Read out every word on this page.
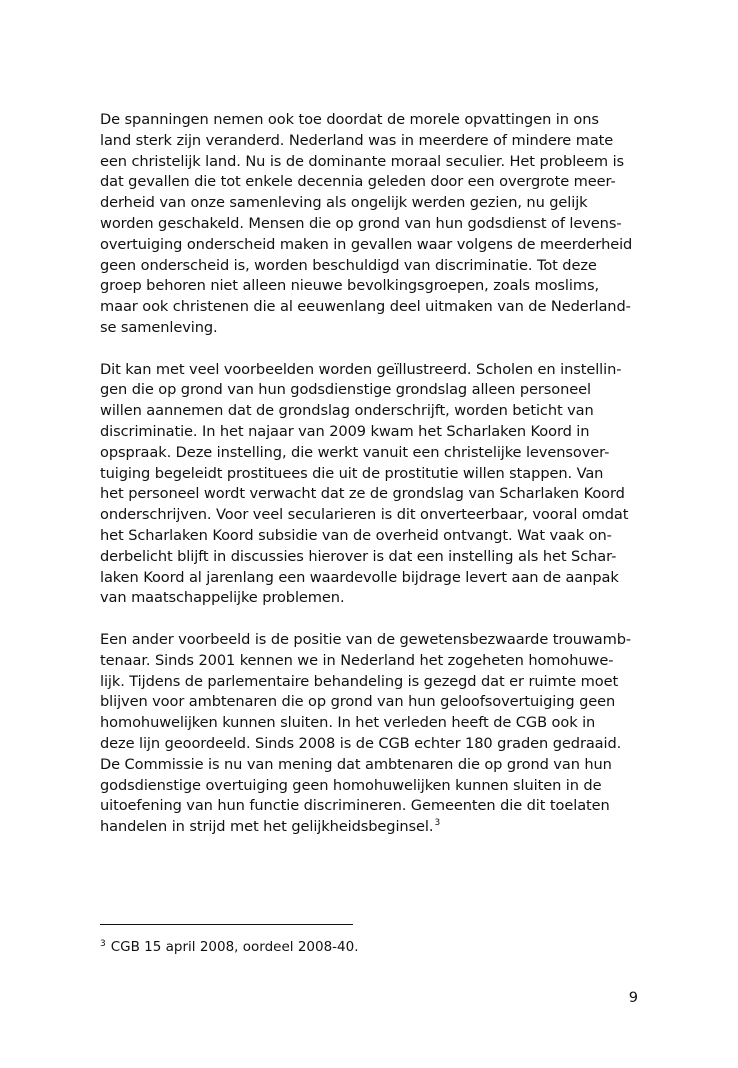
De spanningen nemen ook toe doordat de morele opvattingen in ons
land sterk zijn veranderd. Nederland was in meerdere of mindere mate
een christelijk land. Nu is de dominante moraal seculier. Het probleem is
dat gevallen die tot enkele decennia geleden door een overgrote meer-
derheid van onze samenleving als ongelijk werden gezien, nu gelijk
worden geschakeld. Mensen die op grond van hun godsdienst of levens-
overtuiging onderscheid maken in gevallen waar volgens de meerderheid
geen onderscheid is, worden beschuldigd van discriminatie. Tot deze
groep behoren niet alleen nieuwe bevolkingsgroepen, zoals moslims,
maar ook christenen die al eeuwenlang deel uitmaken van de Nederland-
se samenleving.
Dit kan met veel voorbeelden worden geïllustreerd. Scholen en instellin-
gen die op grond van hun godsdienstige grondslag alleen personeel
willen aannemen dat de grondslag onderschrijft, worden beticht van
discriminatie. In het najaar van 2009 kwam het Scharlaken Koord in
opspraak. Deze instelling, die werkt vanuit een christelijke levensover-
tuiging begeleidt prostituees die uit de prostitutie willen stappen. Van
het personeel wordt verwacht dat ze de grondslag van Scharlaken Koord
onderschrijven. Voor veel secularieren is dit onverteerbaar, vooral omdat
het Scharlaken Koord subsidie van de overheid ontvangt. Wat vaak on-
derbelicht blijft in discussies hierover is dat een instelling als het Schar-
laken Koord al jarenlang een waardevolle bijdrage levert aan de aanpak
van maatschappelijke problemen.
Een ander voorbeeld is de positie van de gewetensbezwaarde trouwamb-
tenaar. Sinds 2001 kennen we in Nederland het zogeheten homohuwe-
lijk. Tijdens de parlementaire behandeling is gezegd dat er ruimte moet
blijven voor ambtenaren die op grond van hun geloofsovertuiging geen
homohuwelijken kunnen sluiten. In het verleden heeft de CGB ook in
deze lijn geoordeeld. Sinds 2008 is de CGB echter 180 graden gedraaid.
De Commissie is nu van mening dat ambtenaren die op grond van hun
godsdienstige overtuiging geen homohuwelijken kunnen sluiten in de
uitoefening van hun functie discrimineren. Gemeenten die dit toelaten
handelen in strijd met het gelijkheidsbeginsel.$^3$
$^3$ CGB 15 april 2008, oordeel 2008-40.
9
